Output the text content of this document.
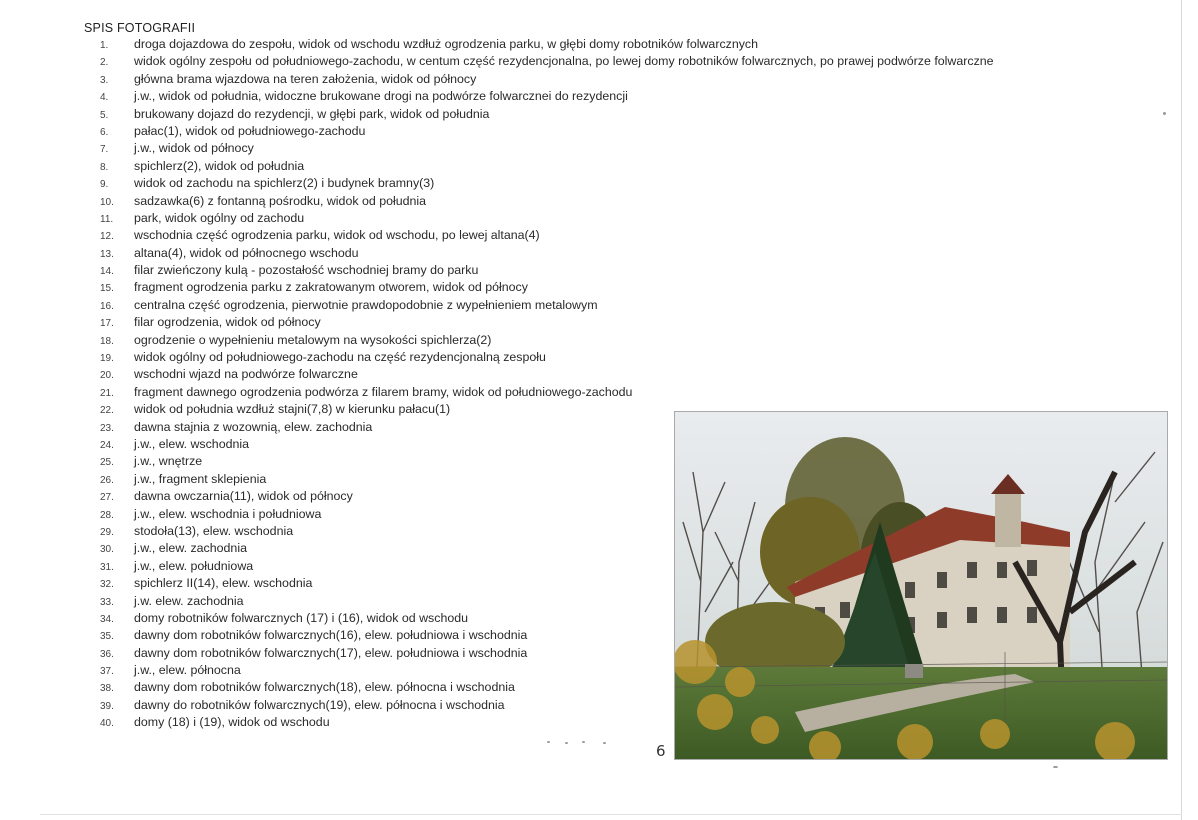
SPIS FOTOGRAFII
1. droga dojazdowa do zespołu, widok od wschodu wzdłuż ogrodzenia parku, w głębi domy robotników folwarcznych
2. widok ogólny zespołu od południowego-zachodu, w centum część rezydencjonalna, po lewej domy robotników folwarcznych, po prawej podwórze folwarczne
3. główna brama wjazdowa na teren założenia, widok od północy
4. j.w., widok od południa, widoczne brukowane drogi na podwórze folwarcznei do rezydencji
5. brukowany dojazd do rezydencji, w głębi park, widok od południa
6. pałac(1), widok od południowego-zachodu
7. j.w., widok od północy
8. spichlerz(2), widok od południa
9. widok od zachodu na spichlerz(2) i budynek bramny(3)
10. sadzawka(6) z fontanną pośrodku, widok od południa
11. park, widok ogólny od zachodu
12. wschodnia część ogrodzenia parku, widok od wschodu, po lewej altana(4)
13. altana(4), widok od północnego wschodu
14. filar zwieńczony kulą - pozostałość wschodniej bramy do parku
15. fragment ogrodzenia parku z zakratowanym otworem, widok od północy
16. centralna część ogrodzenia, pierwotnie prawdopodobnie z wypełnieniem metalowym
17. filar ogrodzenia, widok od północy
18. ogrodzenie o wypełnieniu metalowym na wysokości spichlerza(2)
19. widok ogólny od południowego-zachodu na część rezydencjonalną zespołu
20. wschodni wjazd na podwórze folwarczne
21. fragment dawnego ogrodzenia podwórza z filarem bramy, widok od południowego-zachodu
22. widok od południa wzdłuż stajni(7,8) w kierunku pałacu(1)
23. dawna stajnia z wozownią, elew. zachodnia
24. j.w., elew. wschodnia
25. j.w., wnętrze
26. j.w., fragment sklepienia
27. dawna owczarnia(11), widok od północy
28. j.w., elew. wschodnia i południowa
29. stodoła(13), elew. wschodnia
30. j.w., elew. zachodnia
31. j.w., elew. południowa
32. spichlerz II(14), elew. wschodnia
33. j.w. elew. zachodnia
34. domy robotników folwarcznych (17) i (16), widok od wschodu
35. dawny dom robotników folwarcznych(16), elew. południowa i wschodnia
36. dawny dom robotników folwarcznych(17), elew. południowa i wschodnia
37. j.w., elew. północna
38. dawny dom robotników folwarcznych(18), elew. północna i wschodnia
39. dawny do robotników folwarcznych(19), elew. północna i wschodnia
40. domy (18) i (19), widok od wschodu
6
